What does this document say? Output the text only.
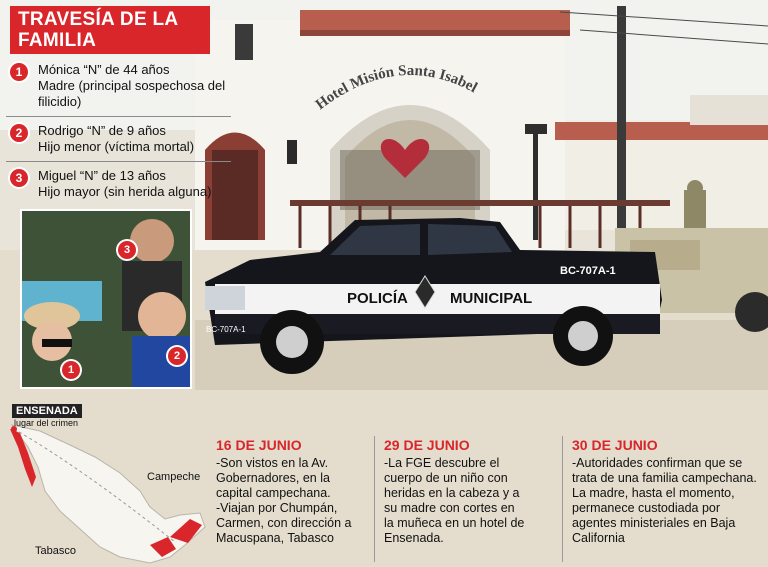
Hotel Misión Santa Isabel
POLICÍA	MUNICIPAL
BC-707A-1
BC-707A-1
TRAVESÍA DE LA FAMILIA
1	Mónica “N” de 44 años
Madre (principal sospechosa del filicidio)
2	Rodrigo “N” de 9 años
Hijo menor (víctima mortal)
3	Miguel “N” de 13 años
Hijo mayor (sin herida alguna)
3
1
2
ENSENADA
lugar del crimen
Campeche
Tabasco
16 DE JUNIO
-Son vistos en la Av.
Gobernadores, en la
capital campechana.
-Viajan por Chumpán,
Carmen, con dirección a
Macuspana, Tabasco
29 DE JUNIO
-La FGE descubre el
cuerpo de un niño con
heridas en la cabeza y a
su madre con cortes en
la muñeca en un hotel de
Ensenada.
30 DE JUNIO
-Autoridades confirman que se
trata de una familia campechana.
La madre, hasta el momento,
permanece custodiada por
agentes ministeriales en Baja
California
